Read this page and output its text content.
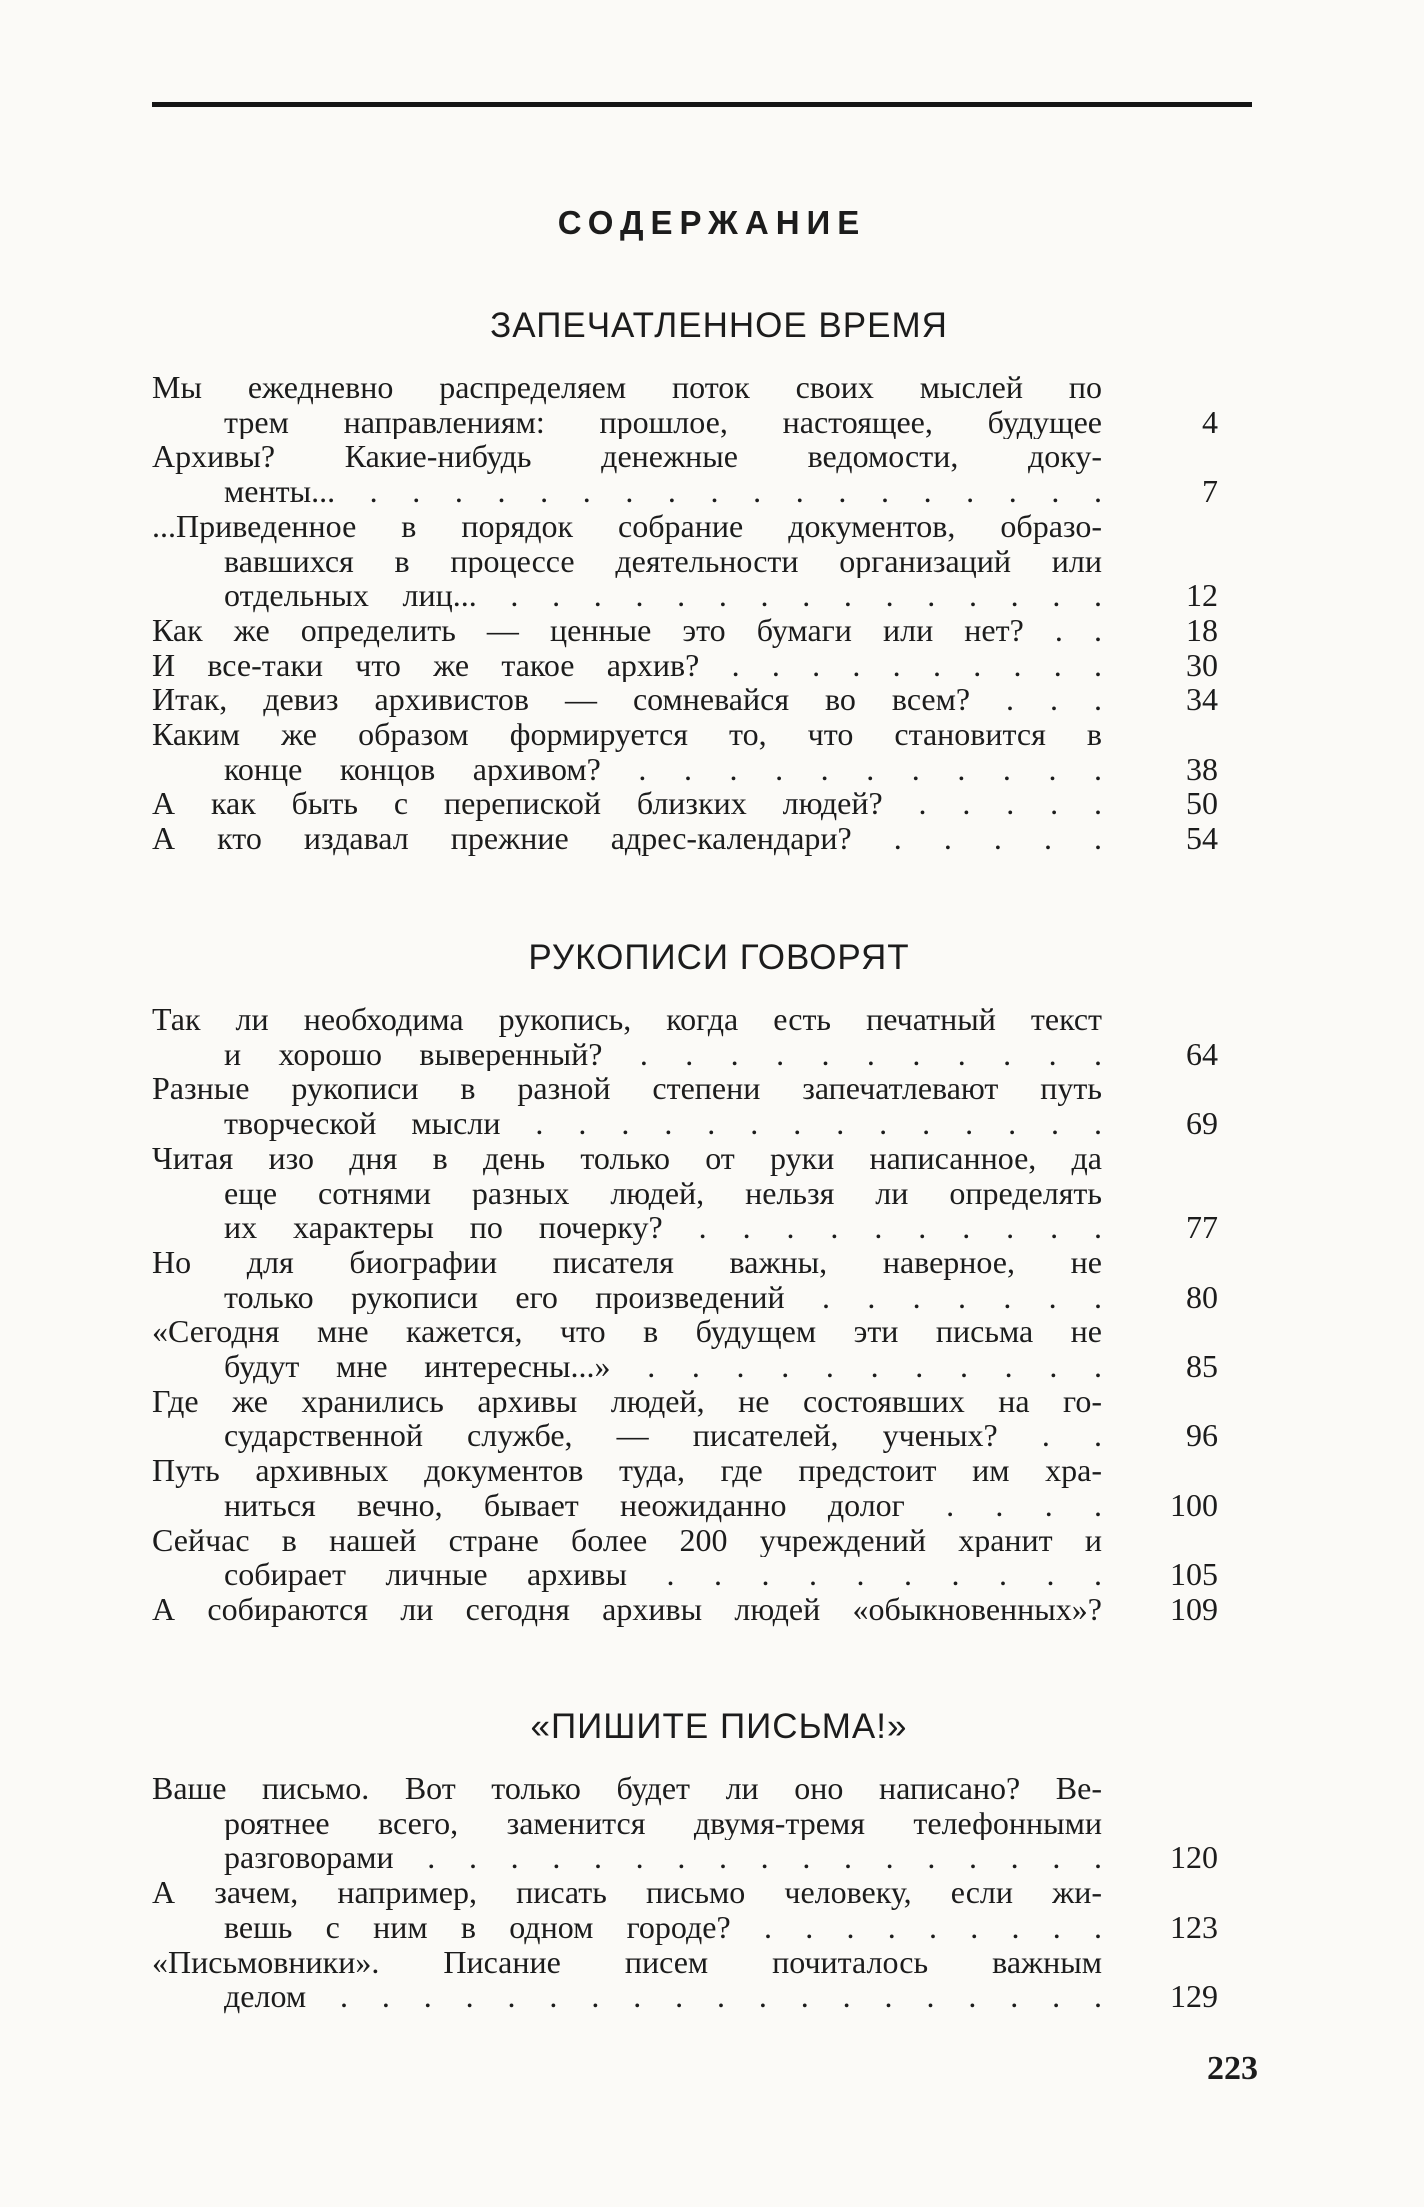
СОДЕРЖАНИЕ
ЗАПЕЧАТЛЕННОЕ ВРЕМЯ
Мы ежедневно распределяем поток своих мыслей по
трем направлениям: прошлое, настоящее, будущее	4
Архивы? Какие-нибудь денежные ведомости, доку-
менты... . . . . . . . . . . . . . . . . . .	7
...Приведенное в порядок собрание документов, образо-
вавшихся в процессе деятельности организаций или
отдельных лиц... . . . . . . . . . . . . . . .	12
Как же определить — ценные это бумаги или нет? . .	18
И все-таки что же такое архив? . . . . . . . . . .	30
Итак, девиз архивистов — сомневайся во всем? . . .	34
Каким же образом формируется то, что становится в
конце концов архивом? . . . . . . . . . . .	38
А как быть с перепиской близких людей? . . . . .	50
А кто издавал прежние адрес-календари? . . . . .	54
РУКОПИСИ ГОВОРЯТ
Так ли необходима рукопись, когда есть печатный текст
и хорошо выверенный? . . . . . . . . . . .	64
Разные рукописи в разной степени запечатлевают путь
творческой мысли . . . . . . . . . . . . . .	69
Читая изо дня в день только от руки написанное, да
еще сотнями разных людей, нельзя ли определять
их характеры по почерку? . . . . . . . . . .	77
Но для биографии писателя важны, наверное, не
только рукописи его произведений . . . . . . .	80
«Сегодня мне кажется, что в будущем эти письма не
будут мне интересны...» . . . . . . . . . . .	85
Где же хранились архивы людей, не состоявших на го-
сударственной службе, — писателей, ученых? . .	96
Путь архивных документов туда, где предстоит им хра-
ниться вечно, бывает неожиданно долог . . . .	100
Сейчас в нашей стране более 200 учреждений хранит и
собирает личные архивы . . . . . . . . . .	105
А собираются ли сегодня архивы людей «обыкновенных»?	109
«ПИШИТЕ ПИСЬМА!»
Ваше письмо. Вот только будет ли оно написано? Ве-
роятнее всего, заменится двумя-тремя телефонными
разговорами . . . . . . . . . . . . . . . . .	120
А зачем, например, писать письмо человеку, если жи-
вешь с ним в одном городе? . . . . . . . . .	123
«Письмовники». Писание писем почиталось важным
делом . . . . . . . . . . . . . . . . . . .	129
223
